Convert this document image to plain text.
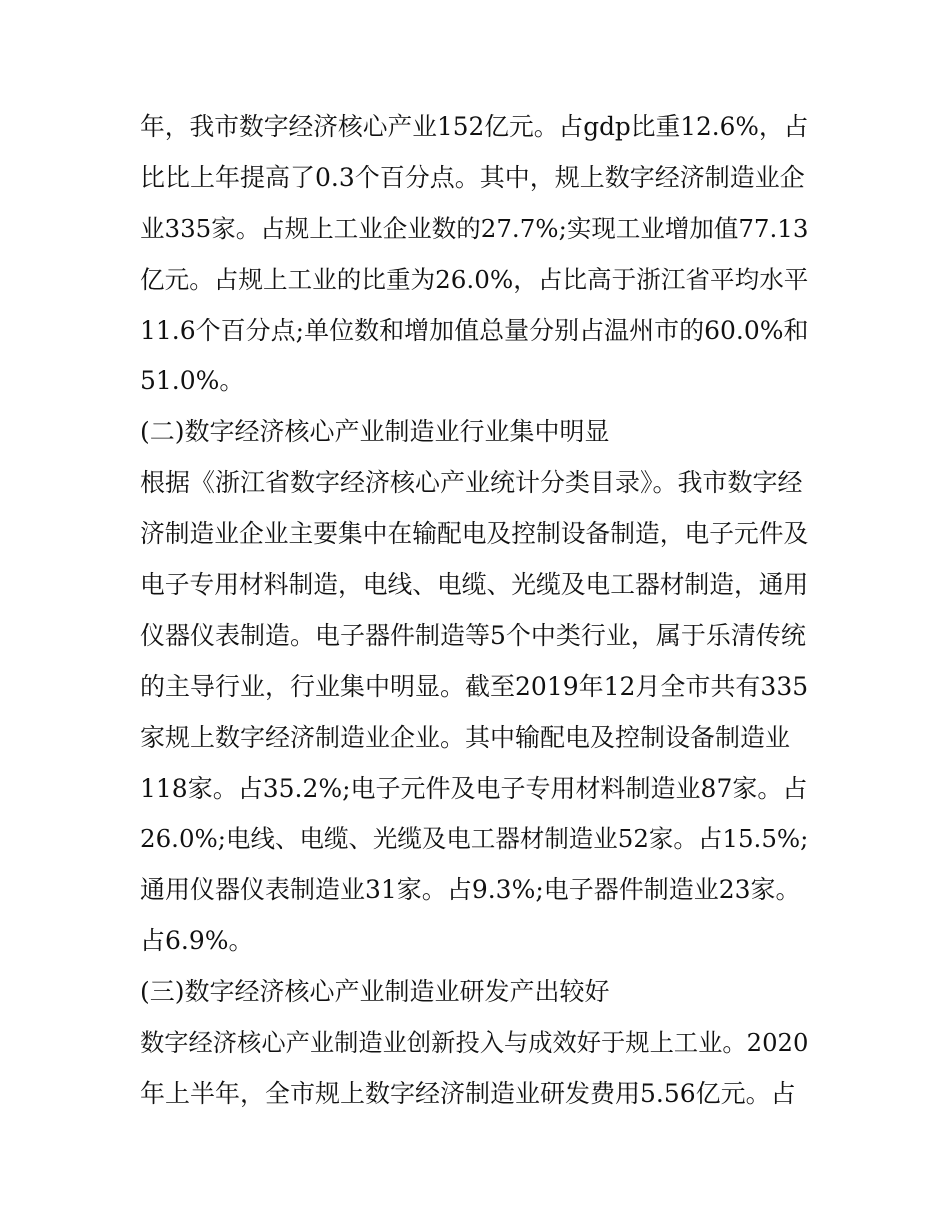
年，我市数字经济核心产业152亿元。占gdp比重12.6%，占
比比上年提高了0.3个百分点。其中，规上数字经济制造业企
业335家。占规上工业企业数的27.7%;实现工业增加值77.13
亿元。占规上工业的比重为26.0%，占比高于浙江省平均水平
11.6个百分点;单位数和增加值总量分别占温州市的60.0%和
51.0%。
(二)数字经济核心产业制造业行业集中明显
根据《浙江省数字经济核心产业统计分类目录》。我市数字经
济制造业企业主要集中在输配电及控制设备制造，电子元件及
电子专用材料制造，电线、电缆、光缆及电工器材制造，通用
仪器仪表制造。电子器件制造等5个中类行业，属于乐清传统
的主导行业，行业集中明显。截至2019年12月全市共有335
家规上数字经济制造业企业。其中输配电及控制设备制造业
118家。占35.2%;电子元件及电子专用材料制造业87家。占
26.0%;电线、电缆、光缆及电工器材制造业52家。占15.5%;
通用仪器仪表制造业31家。占9.3%;电子器件制造业23家。
占6.9%。
(三)数字经济核心产业制造业研发产出较好
数字经济核心产业制造业创新投入与成效好于规上工业。2020
年上半年，全市规上数字经济制造业研发费用5.56亿元。占
